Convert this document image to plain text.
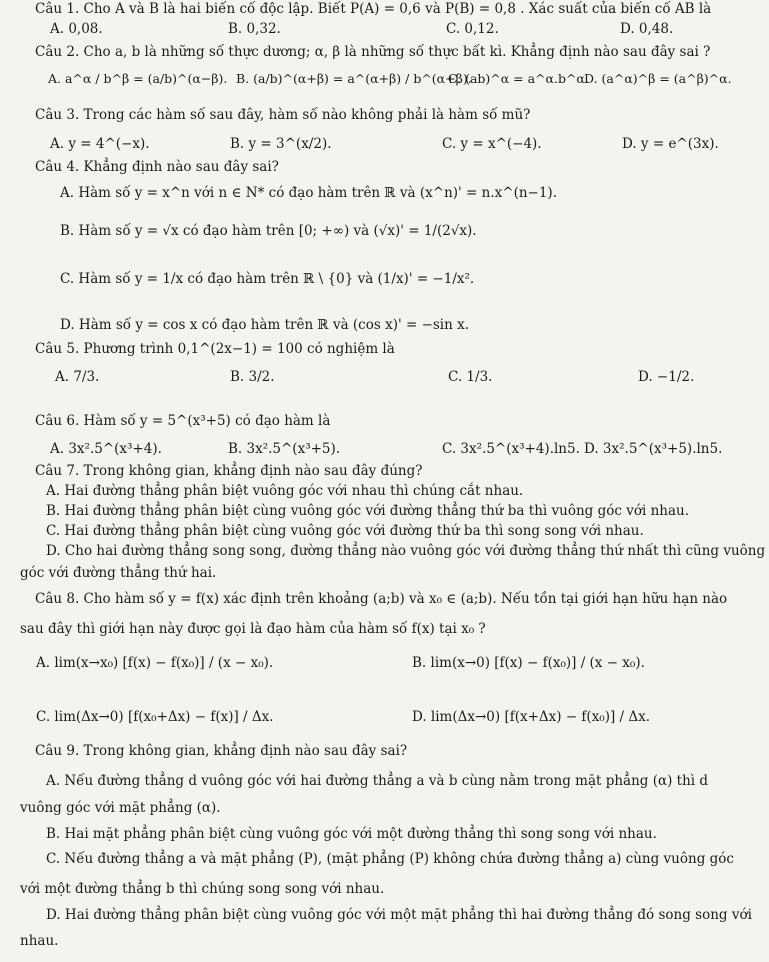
Câu 1. Cho A và B là hai biến cố độc lập. Biết P(A) = 0,6 và P(B) = 0,8 . Xác suất của biến cố AB là
A. 0,08.	B. 0,32.	C. 0,12.	D. 0,48.
Câu 2. Cho a, b là những số thực dương; α, β là những số thực bất kì. Khẳng định nào sau đây sai ?
A. a^α / b^β = (a/b)^(α−β). B. (a/b)^(α+β) = a^(α+β) / b^(α+β).
C. (ab)^α = a^α.b^α.
D. (a^α)^β = (a^β)^α.
Câu 3. Trong các hàm số sau đây, hàm số nào không phải là hàm số mũ?
A. y = 4^(−x).	B. y = 3^(x/2).	C. y = x^(−4).	D. y = e^(3x).
Câu 4. Khẳng định nào sau đây sai?
A. Hàm số y = x^n với n ∈ N* có đạo hàm trên ℝ và (x^n)' = n.x^(n−1).
B. Hàm số y = √x có đạo hàm trên [0; +∞) và (√x)' = 1/(2√x).
C. Hàm số y = 1/x có đạo hàm trên ℝ \ {0} và (1/x)' = −1/x².
D. Hàm số y = cos x có đạo hàm trên ℝ và (cos x)' = −sin x.
Câu 5. Phương trình 0,1^(2x−1) = 100 có nghiệm là
A. 7/3.	B. 3/2.	C. 1/3.	D. −1/2.
Câu 6. Hàm số y = 5^(x³+5) có đạo hàm là
A. 3x².5^(x³+4).	B. 3x².5^(x³+5).	C. 3x².5^(x³+4).ln5. D. 3x².5^(x³+5).ln5.
Câu 7. Trong không gian, khẳng định nào sau đây đúng?
A. Hai đường thẳng phân biệt vuông góc với nhau thì chúng cắt nhau.
B. Hai đường thẳng phân biệt cùng vuông góc với đường thẳng thứ ba thì vuông góc với nhau.
C. Hai đường thẳng phân biệt cùng vuông góc với đường thứ ba thì song song với nhau.
D. Cho hai đường thẳng song song, đường thẳng nào vuông góc với đường thẳng thứ nhất thì cũng vuông
góc với đường thẳng thứ hai.
Câu 8. Cho hàm số y = f(x) xác định trên khoảng (a;b) và x₀ ∈ (a;b). Nếu tồn tại giới hạn hữu hạn nào
sau đây thì giới hạn này được gọi là đạo hàm của hàm số f(x) tại x₀ ?
A. lim(x→x₀) [f(x) − f(x₀)] / (x − x₀).	B. lim(x→0) [f(x) − f(x₀)] / (x − x₀).
C. lim(Δx→0) [f(x₀+Δx) − f(x)] / Δx.	D. lim(Δx→0) [f(x+Δx) − f(x₀)] / Δx.
Câu 9. Trong không gian, khẳng định nào sau đây sai?
A. Nếu đường thẳng d vuông góc với hai đường thẳng a và b cùng nằm trong mặt phẳng (α) thì d
vuông góc với mặt phẳng (α).
B. Hai mặt phẳng phân biệt cùng vuông góc với một đường thẳng thì song song với nhau.
C. Nếu đường thẳng a và mặt phẳng (P), (mặt phẳng (P) không chứa đường thẳng a) cùng vuông góc
với một đường thẳng b thì chúng song song với nhau.
D. Hai đường thẳng phân biệt cùng vuông góc với một mặt phẳng thì hai đường thẳng đó song song với
nhau.
